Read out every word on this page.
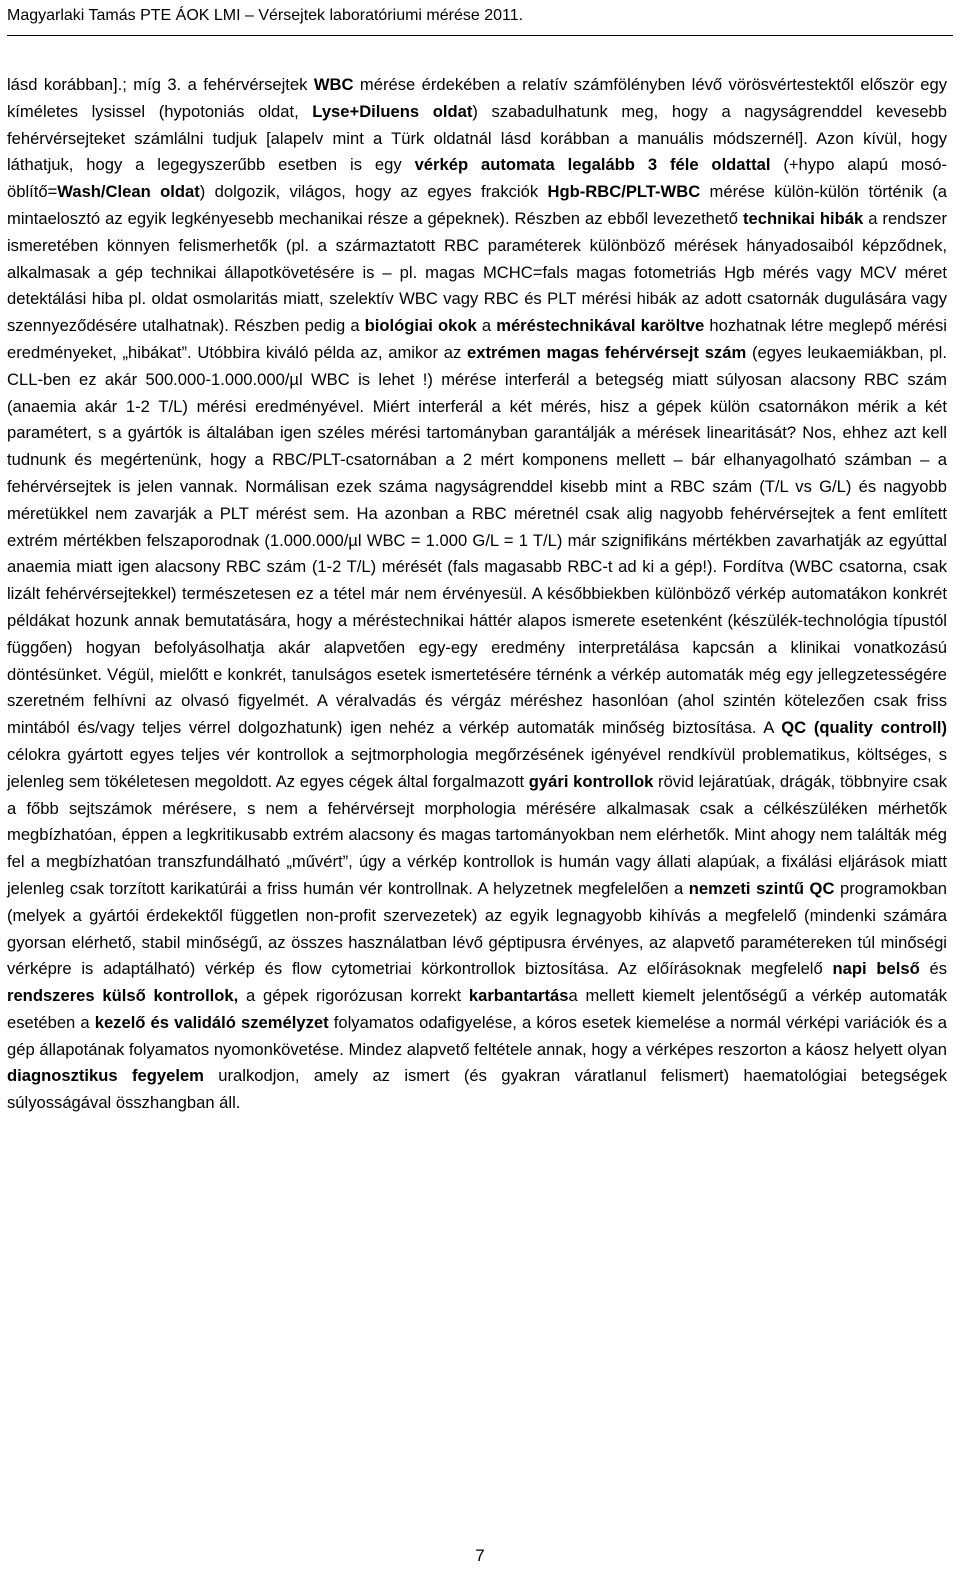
Magyarlaki Tamás PTE ÁOK LMI – Vérsejtek laboratóriumi mérése 2011.
lásd korábban].; míg 3. a fehérvérsejtek WBC mérése érdekében a relatív számfölényben lévő vörösvértestektől először egy kíméletes lysissel (hypotoniás oldat, Lyse+Diluens oldat) szabadulhatunk meg, hogy a nagyságrenddel kevesebb fehérvérsejteket számlálni tudjuk [alapelv mint a Türk oldatnál lásd korábban a manuális módszernél]. Azon kívül, hogy láthatjuk, hogy a legegyszerűbb esetben is egy vérkép automata legalább 3 féle oldattal (+hypo alapú mosó-öblítő=Wash/Clean oldat) dolgozik, világos, hogy az egyes frakciók Hgb-RBC/PLT-WBC mérése külön-külön történik (a mintaelosztó az egyik legkényesebb mechanikai része a gépeknek). Részben az ebből levezethető technikai hibák a rendszer ismeretében könnyen felismerhetők (pl. a származtatott RBC paraméterek különböző mérések hányadosaiból képződnek, alkalmasak a gép technikai állapotkövetésére is – pl. magas MCHC=fals magas fotometriás Hgb mérés vagy MCV méret detektálási hiba pl. oldat osmolaritás miatt, szelektív WBC vagy RBC és PLT mérési hibák az adott csatornák dugulására vagy szennyeződésére utalhatnak). Részben pedig a biológiai okok a méréstechnikával karöltve hozhatnak létre meglepő mérési eredményeket, „hibákat”. Utóbbira kiváló példa az, amikor az extrémen magas fehérvérsejt szám (egyes leukaemiákban, pl. CLL-ben ez akár 500.000-1.000.000/µl WBC is lehet !) mérése interferál a betegség miatt súlyosan alacsony RBC szám (anaemia akár 1-2 T/L) mérési eredményével. Miért interferál a két mérés, hisz a gépek külön csatornákon mérik a két paramétert, s a gyártók is általában igen széles mérési tartományban garantálják a mérések linearitását? Nos, ehhez azt kell tudnunk és megértenünk, hogy a RBC/PLT-csatornában a 2 mért komponens mellett – bár elhanyagolható számban – a fehérvérsejtek is jelen vannak. Normálisan ezek száma nagyságrenddel kisebb mint a RBC szám (T/L vs G/L) és nagyobb méretükkel nem zavarják a PLT mérést sem. Ha azonban a RBC méretnél csak alig nagyobb fehérvérsejtek a fent említett extrém mértékben felszaporodnak (1.000.000/µl WBC = 1.000 G/L = 1 T/L) már szignifikáns mértékben zavarhatják az egyúttal anaemia miatt igen alacsony RBC szám (1-2 T/L) mérését (fals magasabb RBC-t ad ki a gép!). Fordítva (WBC csatorna, csak lizált fehérvérsejtekkel) természetesen ez a tétel már nem érvényesül. A későbbiekben különböző vérkép automatákon konkrét példákat hozunk annak bemutatására, hogy a méréstechnikai háttér alapos ismerete esetenként (készülék-technológia típustól függően) hogyan befolyásolhatja akár alapvetően egy-egy eredmény interpretálása kapcsán a klinikai vonatkozású döntésünket. Végül, mielőtt e konkrét, tanulságos esetek ismertetésére térnénk a vérkép automaták még egy jellegzetességére szeretném felhívni az olvasó figyelmét. A véralvadás és vérgáz méréshez hasonlóan (ahol szintén kötelezően csak friss mintából és/vagy teljes vérrel dolgozhatunk) igen nehéz a vérkép automaták minőség biztosítása. A QC (quality controll) célokra gyártott egyes teljes vér kontrollok a sejtmorphologia megőrzésének igényével rendkívül problematikus, költséges, s jelenleg sem tökéletesen megoldott. Az egyes cégek által forgalmazott gyári kontrollok rövid lejáratúak, drágák, többnyire csak a főbb sejtszámok mérésere, s nem a fehérvérsejt morphologia mérésére alkalmasak csak a célkészüléken mérhetők megbízhatóan, éppen a legkritikusabb extrém alacsony és magas tartományokban nem elérhetők. Mint ahogy nem találták még fel a megbízhatóan transzfundálható „művért”, úgy a vérkép kontrollok is humán vagy állati alapúak, a fixálási eljárások miatt jelenleg csak torzított karikatúrái a friss humán vér kontrollnak. A helyzetnek megfelelően a nemzeti szintű QC programokban (melyek a gyártói érdekektől független non-profit szervezetek) az egyik legnagyobb kihívás a megfelelő (mindenki számára gyorsan elérhető, stabil minőségű, az összes használatban lévő géptipusra érvényes, az alapvető paramétereken túl minőségi vérképre is adaptálható) vérkép és flow cytometriai körkontrollok biztosítása. Az előírásoknak megfelelő napi belső és rendszeres külső kontrollok, a gépek rigorózusan korrekt karbantartása mellett kiemelt jelentőségű a vérkép automaták esetében a kezelő és validáló személyzet folyamatos odafigyelése, a kóros esetek kiemelése a normál vérképi variációk és a gép állapotának folyamatos nyomonkövetése. Mindez alapvető feltétele annak, hogy a vérképes reszorton a káosz helyett olyan diagnosztikus fegyelem uralkodjon, amely az ismert (és gyakran váratlanul felismert) haematológiai betegségek súlyosságával összhangban áll.
7
